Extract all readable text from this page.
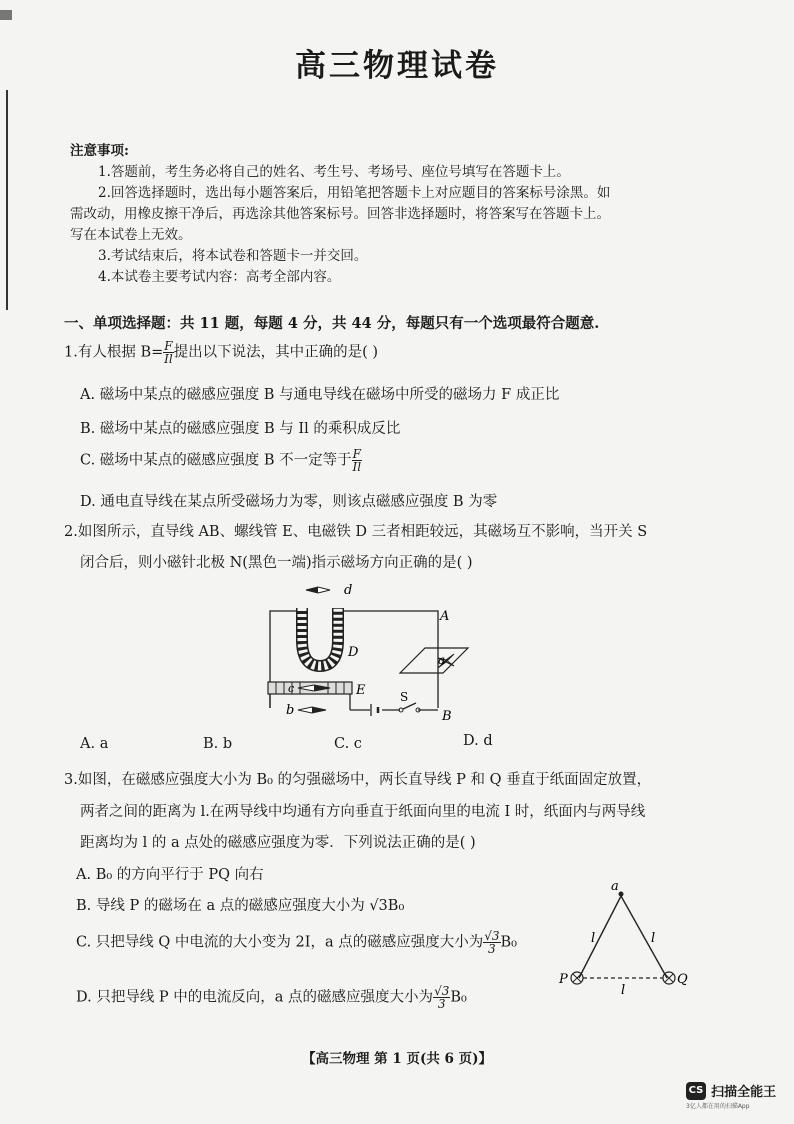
高三物理试卷
注意事项:
1.答题前，考生务必将自己的姓名、考生号、考场号、座位号填写在答题卡上。
2.回答选择题时，选出每小题答案后，用铅笔把答题卡上对应题目的答案标号涂黑。如
需改动，用橡皮擦干净后，再选涂其他答案标号。回答非选择题时，将答案写在答题卡上。
写在本试卷上无效。
3.考试结束后，将本试卷和答题卡一并交回。
4.本试卷主要考试内容：高考全部内容。
一、单项选择题：共 11 题，每题 4 分，共 44 分，每题只有一个选项最符合题意.
1.有人根据 $B= \frac{F}{Il}$ 提出以下说法，其中正确的是( )
A. 磁场中某点的磁感应强度 B 与通电导线在磁场中所受的磁场力 F 成正比
B. 磁场中某点的磁感应强度 B 与 Il 的乘积成反比
C. 磁场中某点的磁感应强度 B 不一定等于 $\frac{F}{Il}$
D. 通电直导线在某点所受磁场力为零，则该点磁感应强度 B 为零
2.如图所示，直导线 AB、螺线管 E、电磁铁 D 三者相距较远，其磁场互不影响，当开关 S
闭合后，则小磁针北极 N(黑色一端)指示磁场方向正确的是( )
d
A
D	a
c	E	S
b	B
A. a	B. b	C. c	D. d
3.如图，在磁感应强度大小为 B₀ 的匀强磁场中，两长直导线 P 和 Q 垂直于纸面固定放置，
两者之间的距离为 l.在两导线中均通有方向垂直于纸面向里的电流 I 时，纸面内与两导线
距离均为 l 的 a 点处的磁感应强度为零．下列说法正确的是( )
A. B₀ 的方向平行于 PQ 向右
B. 导线 P 的磁场在 a 点的磁感应强度大小为 √3B₀
C. 只把导线 Q 中电流的大小变为 2I，a 点的磁感应强度大小为 $\frac{√3}{3} B_0$
D. 只把导线 P 中的电流反向，a 点的磁感应强度大小为 $\frac{√3}{3} B_0$
a
l	l
l
P	Q
【高三物理 第 1 页(共 6 页)】
CS 扫描全能王
3亿人都在用的扫描App
